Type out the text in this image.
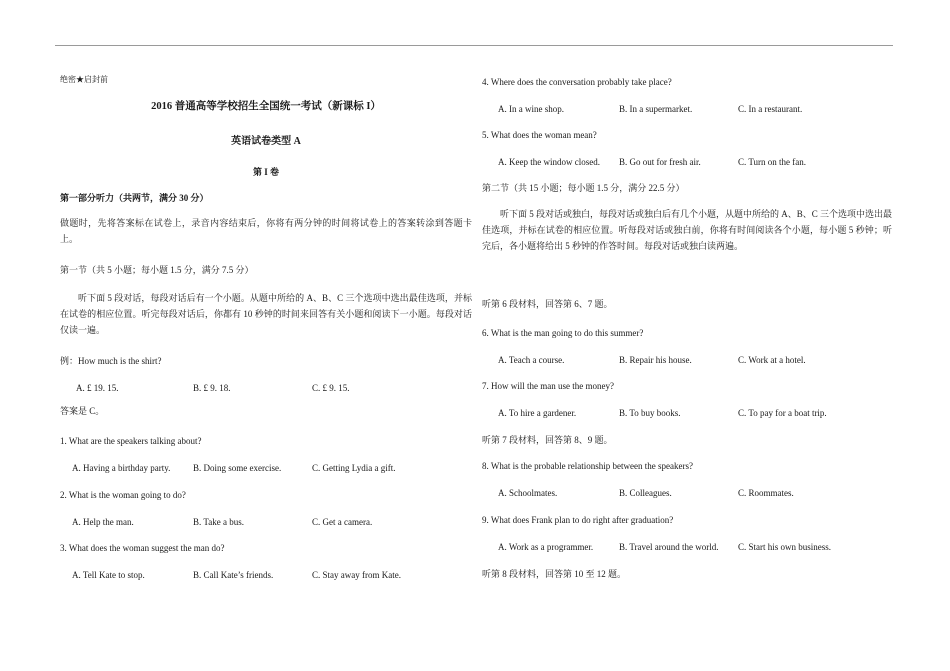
绝密★启封前
2016 普通高等学校招生全国统一考试（新课标 I）
英语试卷类型 A
第 I 卷
第一部分听力（共两节，满分 30 分）
做题时，先将答案标在试卷上，录音内容结束后，你将有两分钟的时间将试卷上的答案转涂到答题卡上。
第一节（共 5 小题；每小题 1.5 分，满分 7.5 分）
听下面 5 段对话，每段对话后有一个小题。从题中所给的 A、B、C 三个选项中选出最佳选项，并标在试卷的相应位置。听完每段对话后，你都有 10 秒钟的时间来回答有关小题和阅读下一小题。每段对话仅读一遍。
例：How much is the shirt?
A. £ 19. 15.	B. £ 9. 18.	C. £ 9. 15.
答案是 C。
1. What are the speakers talking about?
A. Having a birthday party.	B. Doing some exercise.	C. Getting Lydia a gift.
2. What is the woman going to do?
A. Help the man.	B. Take a bus.	C. Get a camera.
3. What does the woman suggest the man do?
A. Tell Kate to stop.	B. Call Kate’s friends.	C. Stay away from Kate.
4. Where does the conversation probably take place?
A. In a wine shop.	B. In a supermarket.	C. In a restaurant.
5. What does the woman mean?
A. Keep the window closed. B. Go out for fresh air.	C. Turn on the fan.
第二节（共 15 小题；每小题 1.5 分，满分 22.5 分）
听下面 5 段对话或独白，每段对话或独白后有几个小题，从题中所给的 A、B、C 三个选项中选出最佳选项，并标在试卷的相应位置。听每段对话或独白前，你将有时间阅读各个小题，每小题 5 秒钟；听完后，各小题将给出 5 秒钟的作答时间。每段对话或独白读两遍。
听第 6 段材料，回答第 6、7 题。
6. What is the man going to do this summer?
A. Teach a course.	B. Repair his house.	C. Work at a hotel.
7. How will the man use the money?
A. To hire a gardener.	B. To buy books.	C. To pay for a boat trip.
听第 7 段材料，回答第 8、9 题。
8. What is the probable relationship between the speakers?
A. Schoolmates.	B. Colleagues.	C. Roommates.
9. What does Frank plan to do right after graduation?
A. Work as a programmer.	B. Travel around the world. C. Start his own business.
听第 8 段材料，回答第 10 至 12 题。
